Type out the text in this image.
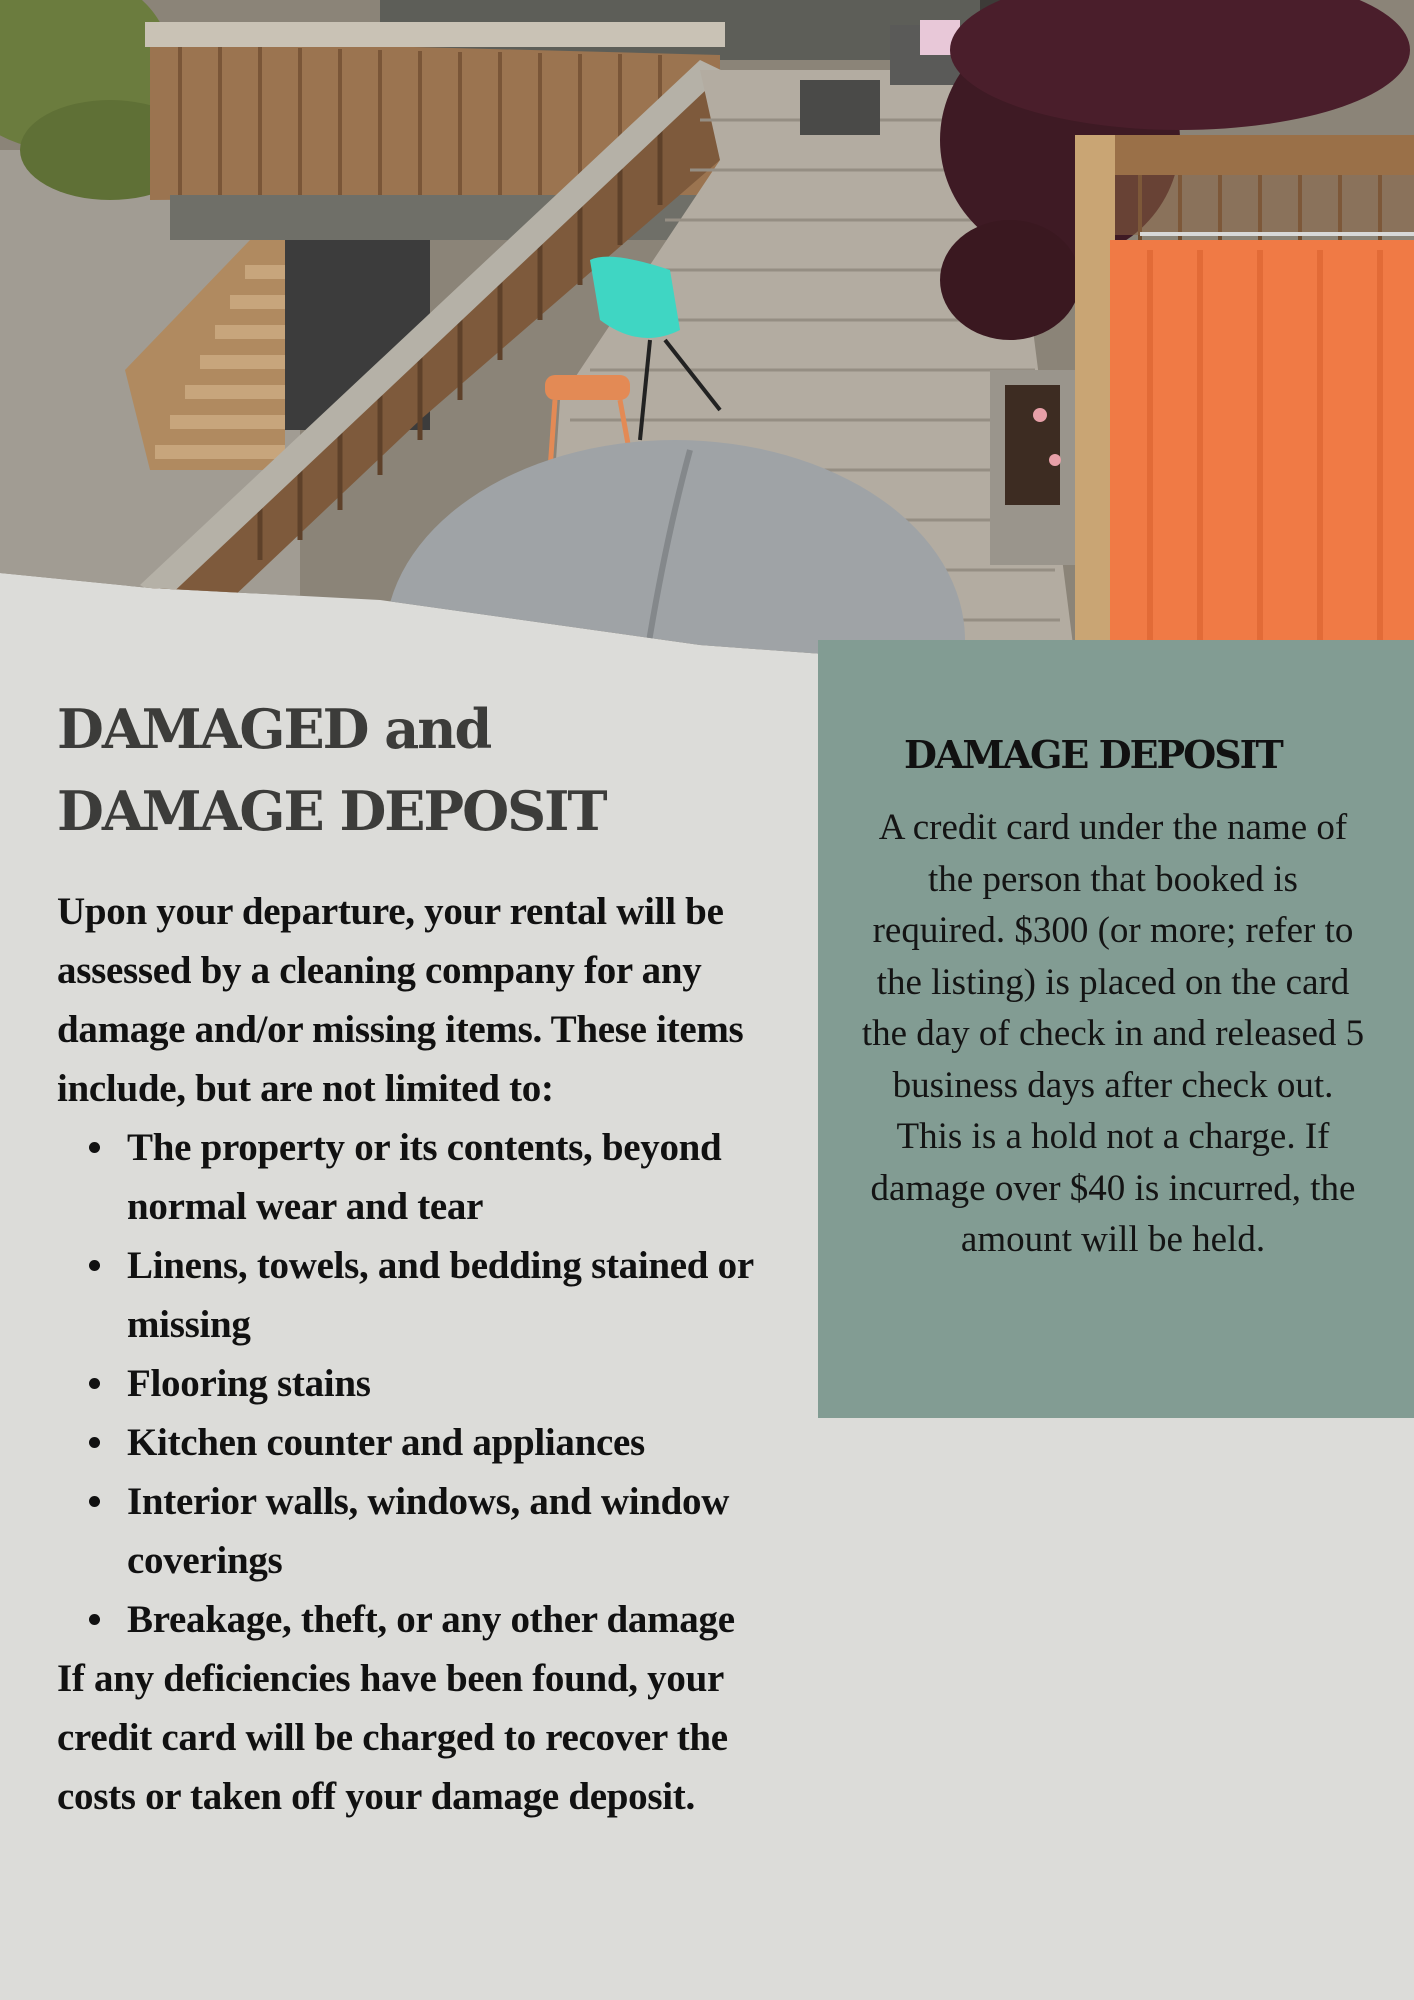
DAMAGED and
DAMAGE DEPOSIT

Upon your departure, your rental will be assessed by a cleaning company for any damage and/or missing items. These items include, but are not limited to:

The property or its contents, beyond normal wear and tear
Linens, towels, and bedding stained or missing
Flooring stains
Kitchen counter and appliances
Interior walls, windows, and window coverings
Breakage, theft, or any other damage

If any deficiencies have been found, your credit card will be charged to recover the costs or taken off your damage deposit.

DAMAGE DEPOSIT

A credit card under the name of the person that booked is required. $300 (or more; refer to the listing) is placed on the card the day of check in and released 5 business days after check out. This is a hold not a charge. If damage over $40 is incurred, the amount will be held.
